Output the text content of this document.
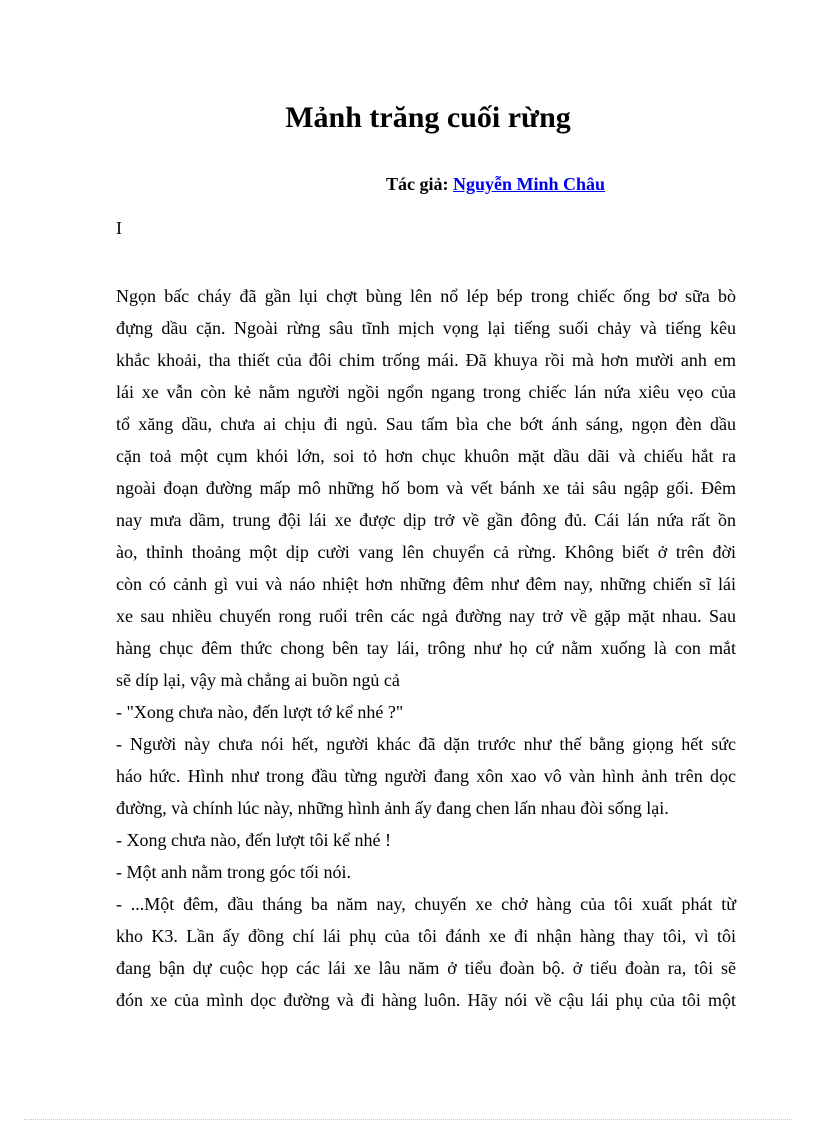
Mảnh trăng cuối rừng
Tác giả: Nguyễn Minh Châu
I
Ngọn bấc cháy đã gần lụi chợt bùng lên nổ lép bép trong chiếc ống bơ sữa bò
đựng dầu cặn. Ngoài rừng sâu tĩnh mịch vọng lại tiếng suối chảy và tiếng kêu
khắc khoải, tha thiết của đôi chim trống mái. Đã khuya rồi mà hơn mười anh em
lái xe vẫn còn kẻ nằm người ngồi ngổn ngang trong chiếc lán nứa xiêu vẹo của
tổ xăng dầu, chưa ai chịu đi ngủ. Sau tấm bìa che bớt ánh sáng, ngọn đèn dầu
cặn toả một cụm khói lớn, soi tỏ hơn chục khuôn mặt dầu dãi và chiếu hắt ra
ngoài đoạn đường mấp mô những hố bom và vết bánh xe tải sâu ngập gối. Đêm
nay mưa dầm, trung đội lái xe được dịp trở về gần đông đủ. Cái lán nứa rất ồn
ào, thỉnh thoảng một dịp cười vang lên chuyển cả rừng. Không biết ở trên đời
còn có cảnh gì vui và náo nhiệt hơn những đêm như đêm nay, những chiến sĩ lái
xe sau nhiều chuyến rong ruổi trên các ngả đường nay trở về gặp mặt nhau. Sau
hàng chục đêm thức chong bên tay lái, trông như họ cứ nằm xuống là con mắt
sẽ díp lại, vậy mà chẳng ai buồn ngủ cả
- "Xong chưa nào, đến lượt tớ kể nhé ?"
- Người này chưa nói hết, người khác đã dặn trước như thế bằng giọng hết sức
háo hức. Hình như trong đầu từng người đang xôn xao vô vàn hình ảnh trên dọc
đường, và chính lúc này, những hình ảnh ấy đang chen lấn nhau đòi sống lại.
- Xong chưa nào, đến lượt tôi kể nhé !
- Một anh nằm trong góc tối nói.
- ...Một đêm, đầu tháng ba năm nay, chuyến xe chở hàng của tôi xuất phát từ
kho K3. Lần ấy đồng chí lái phụ của tôi đánh xe đi nhận hàng thay tôi, vì tôi
đang bận dự cuộc họp các lái xe lâu năm ở tiểu đoàn bộ. ở tiểu đoàn ra, tôi sẽ
đón xe của mình dọc đường và đi hàng luôn. Hãy nói về cậu lái phụ của tôi một
